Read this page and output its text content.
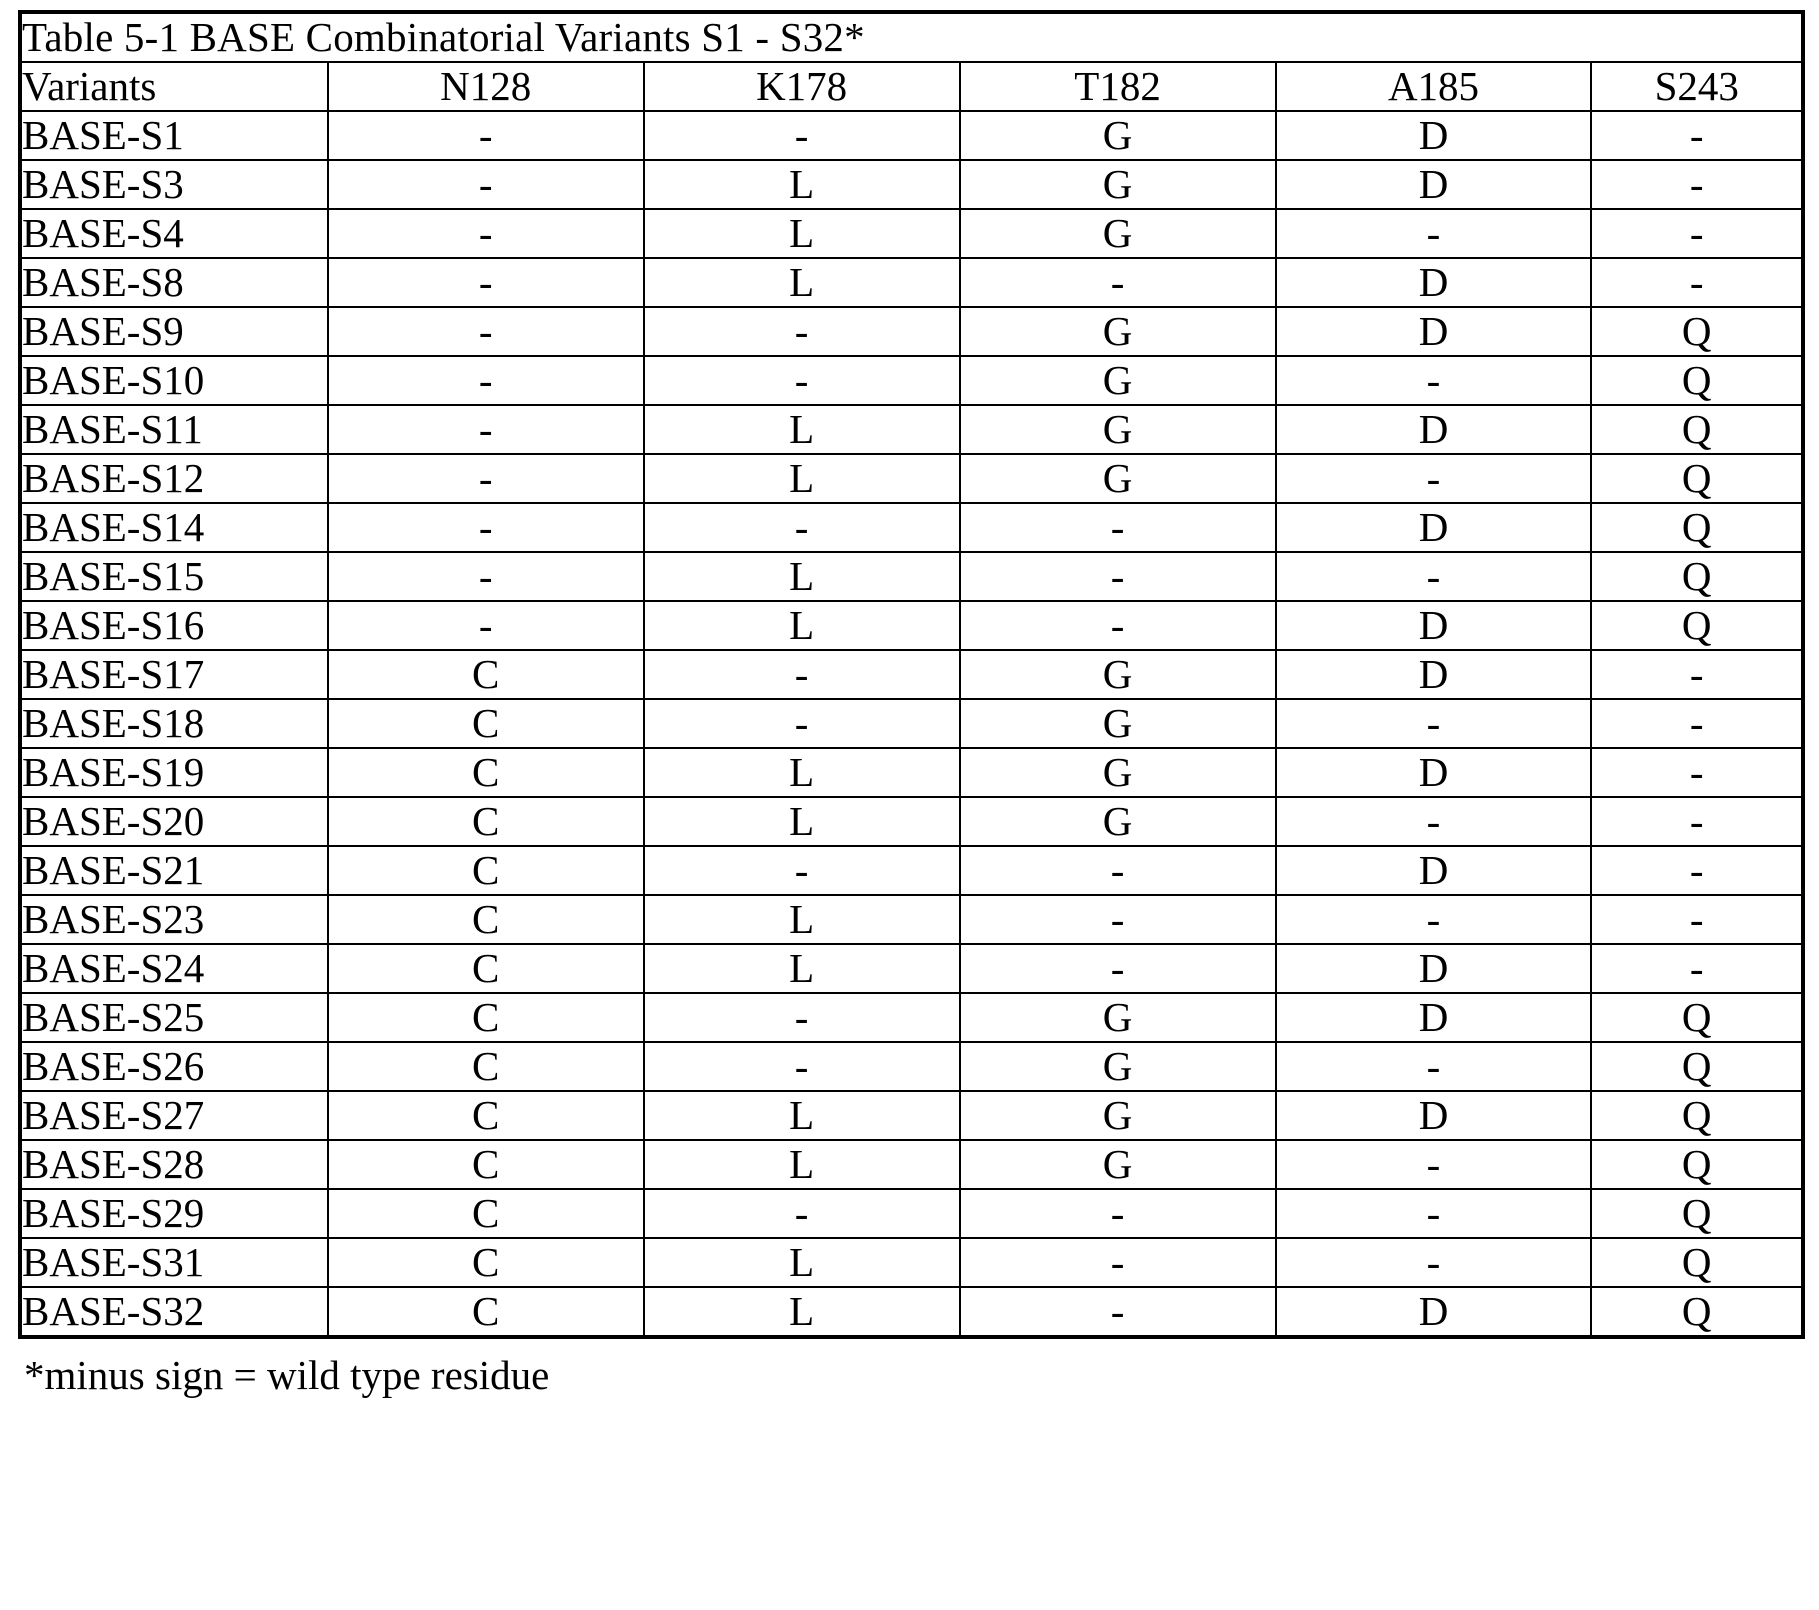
Table 5-1 BASE Combinatorial Variants S1 - S32*					
Variants	N128	K178	T182	A185	S243
BASE-S1	-	-	G	D	-
BASE-S3	-	L	G	D	-
BASE-S4	-	L	G	-	-
BASE-S8	-	L	-	D	-
BASE-S9	-	-	G	D	Q
BASE-S10	-	-	G	-	Q
BASE-S11	-	L	G	D	Q
BASE-S12	-	L	G	-	Q
BASE-S14	-	-	-	D	Q
BASE-S15	-	L	-	-	Q
BASE-S16	-	L	-	D	Q
BASE-S17	C	-	G	D	-
BASE-S18	C	-	G	-	-
BASE-S19	C	L	G	D	-
BASE-S20	C	L	G	-	-
BASE-S21	C	-	-	D	-
BASE-S23	C	L	-	-	-
BASE-S24	C	L	-	D	-
BASE-S25	C	-	G	D	Q
BASE-S26	C	-	G	-	Q
BASE-S27	C	L	G	D	Q
BASE-S28	C	L	G	-	Q
BASE-S29	C	-	-	-	Q
BASE-S31	C	L	-	-	Q
BASE-S32	C	L	-	D	Q
*minus sign = wild type residue
